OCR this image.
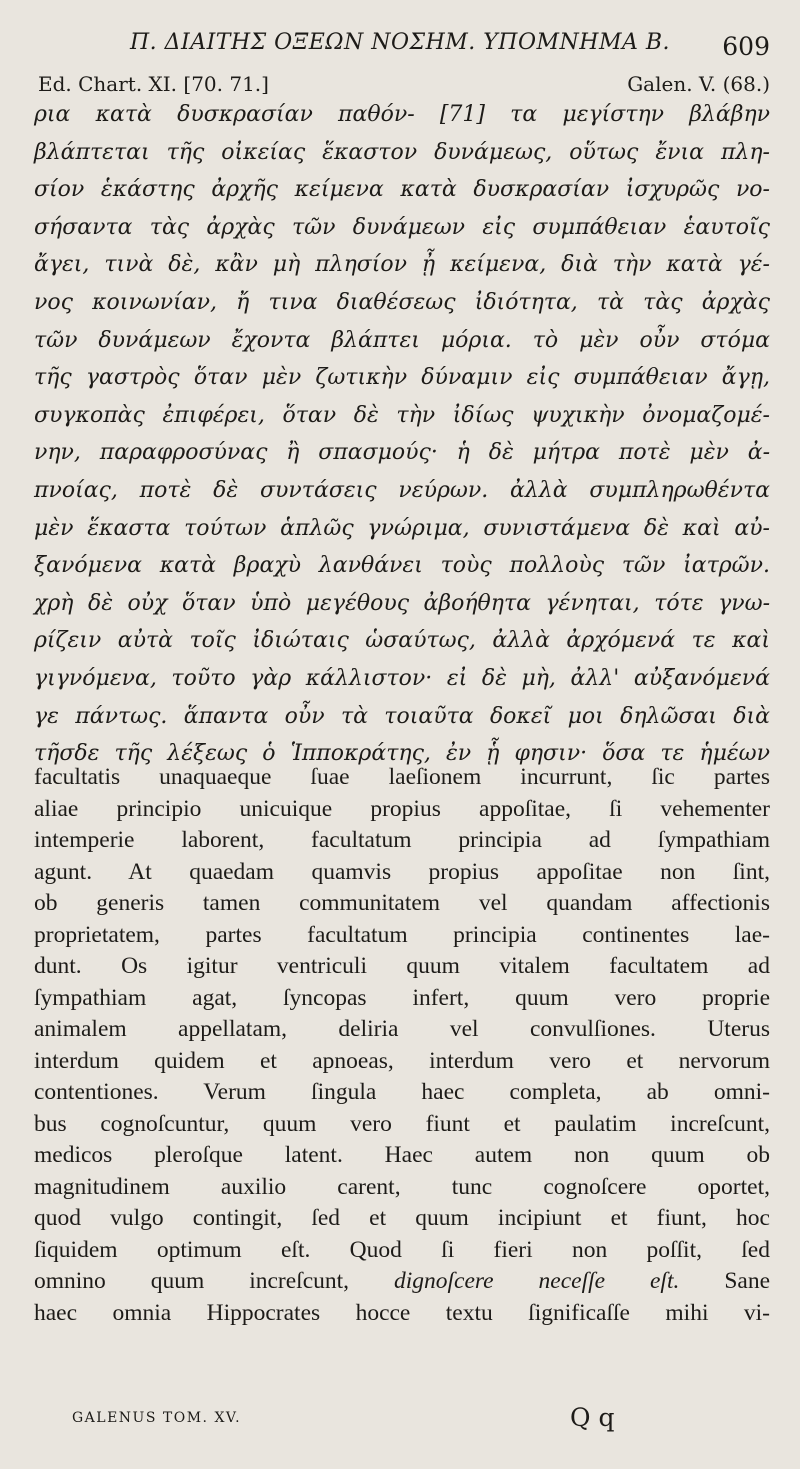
Π. ΔΙΑΙΤΗΣ ΟΞΕΩΝ ΝΟΣΗΜ. ΥΠΟΜΝΗΜΑ Β.	609
Ed. Chart. XI. [70. 71.]	Galen. V. (68.)
ρια κατὰ δυσκρασίαν παθόν- [71] τα μεγίστην βλάβην
βλάπτεται τῆς οἰκείας ἕκαστον δυνάμεως, οὕτως ἔνια πλη-
σίον ἑκάστης ἀρχῆς κείμενα κατὰ δυσκρασίαν ἰσχυρῶς νο-
σήσαντα τὰς ἀρχὰς τῶν δυνάμεων εἰς συμπάθειαν ἑαυτοῖς
ἄγει, τινὰ δὲ, κἂν μὴ πλησίον ᾖ κείμενα, διὰ τὴν κατὰ γέ-
νος κοινωνίαν, ἤ τινα διαθέσεως ἰδιότητα, τὰ τὰς ἀρχὰς
τῶν δυνάμεων ἔχοντα βλάπτει μόρια. τὸ μὲν οὖν στόμα
τῆς γαστρὸς ὅταν μὲν ζωτικὴν δύναμιν εἰς συμπάθειαν ἄγῃ,
συγκοπὰς ἐπιφέρει, ὅταν δὲ τὴν ἰδίως ψυχικὴν ὀνομαζομέ-
νην, παραφροσύνας ἢ σπασμούς· ἡ δὲ μήτρα ποτὲ μὲν ἀ-
πνοίας, ποτὲ δὲ συντάσεις νεύρων. ἀλλὰ συμπληρωθέντα
μὲν ἕκαστα τούτων ἁπλῶς γνώριμα, συνιστάμενα δὲ καὶ αὐ-
ξανόμενα κατὰ βραχὺ λανθάνει τοὺς πολλοὺς τῶν ἰατρῶν.
χρὴ δὲ οὐχ ὅταν ὑπὸ μεγέθους ἀβοήθητα γένηται, τότε γνω-
ρίζειν αὐτὰ τοῖς ἰδιώταις ὡσαύτως, ἀλλὰ ἀρχόμενά τε καὶ
γιγνόμενα, τοῦτο γὰρ κάλλιστον· εἰ δὲ μὴ, ἀλλ' αὐξανόμενά
γε πάντως. ἅπαντα οὖν τὰ τοιαῦτα δοκεῖ μοι δηλῶσαι διὰ
τῆσδε τῆς λέξεως ὁ Ἱπποκράτης, ἐν ᾗ φησιν· ὅσα τε ἡμέων
facultatis unaquaeque ſuae laeſionem incurrunt, ſic partes
aliae principio unicuique propius appoſitae, ſi vehementer
intemperie laborent, facultatum principia ad ſympathiam
agunt. At quaedam quamvis propius appoſitae non ſint,
ob generis tamen communitatem vel quandam affectionis
proprietatem, partes facultatum principia continentes lae-
dunt. Os igitur ventriculi quum vitalem facultatem ad
ſympathiam agat, ſyncopas infert, quum vero proprie
animalem appellatam, deliria vel convulſiones. Uterus
interdum quidem et apnoeas, interdum vero et nervorum
contentiones. Verum ſingula haec completa, ab omni-
bus cognoſcuntur, quum vero fiunt et paulatim increſcunt,
medicos pleroſque latent. Haec autem non quum ob
magnitudinem auxilio carent, tunc cognoſcere oportet,
quod vulgo contingit, ſed et quum incipiunt et fiunt, hoc
ſiquidem optimum eſt. Quod ſi fieri non poſſit, ſed
omnino quum increſcunt, dignoſcere neceſſe eſt. Sane
haec omnia Hippocrates hocce textu ſignificaſſe mihi vi-
GALENUS TOM. XV.	Q q
